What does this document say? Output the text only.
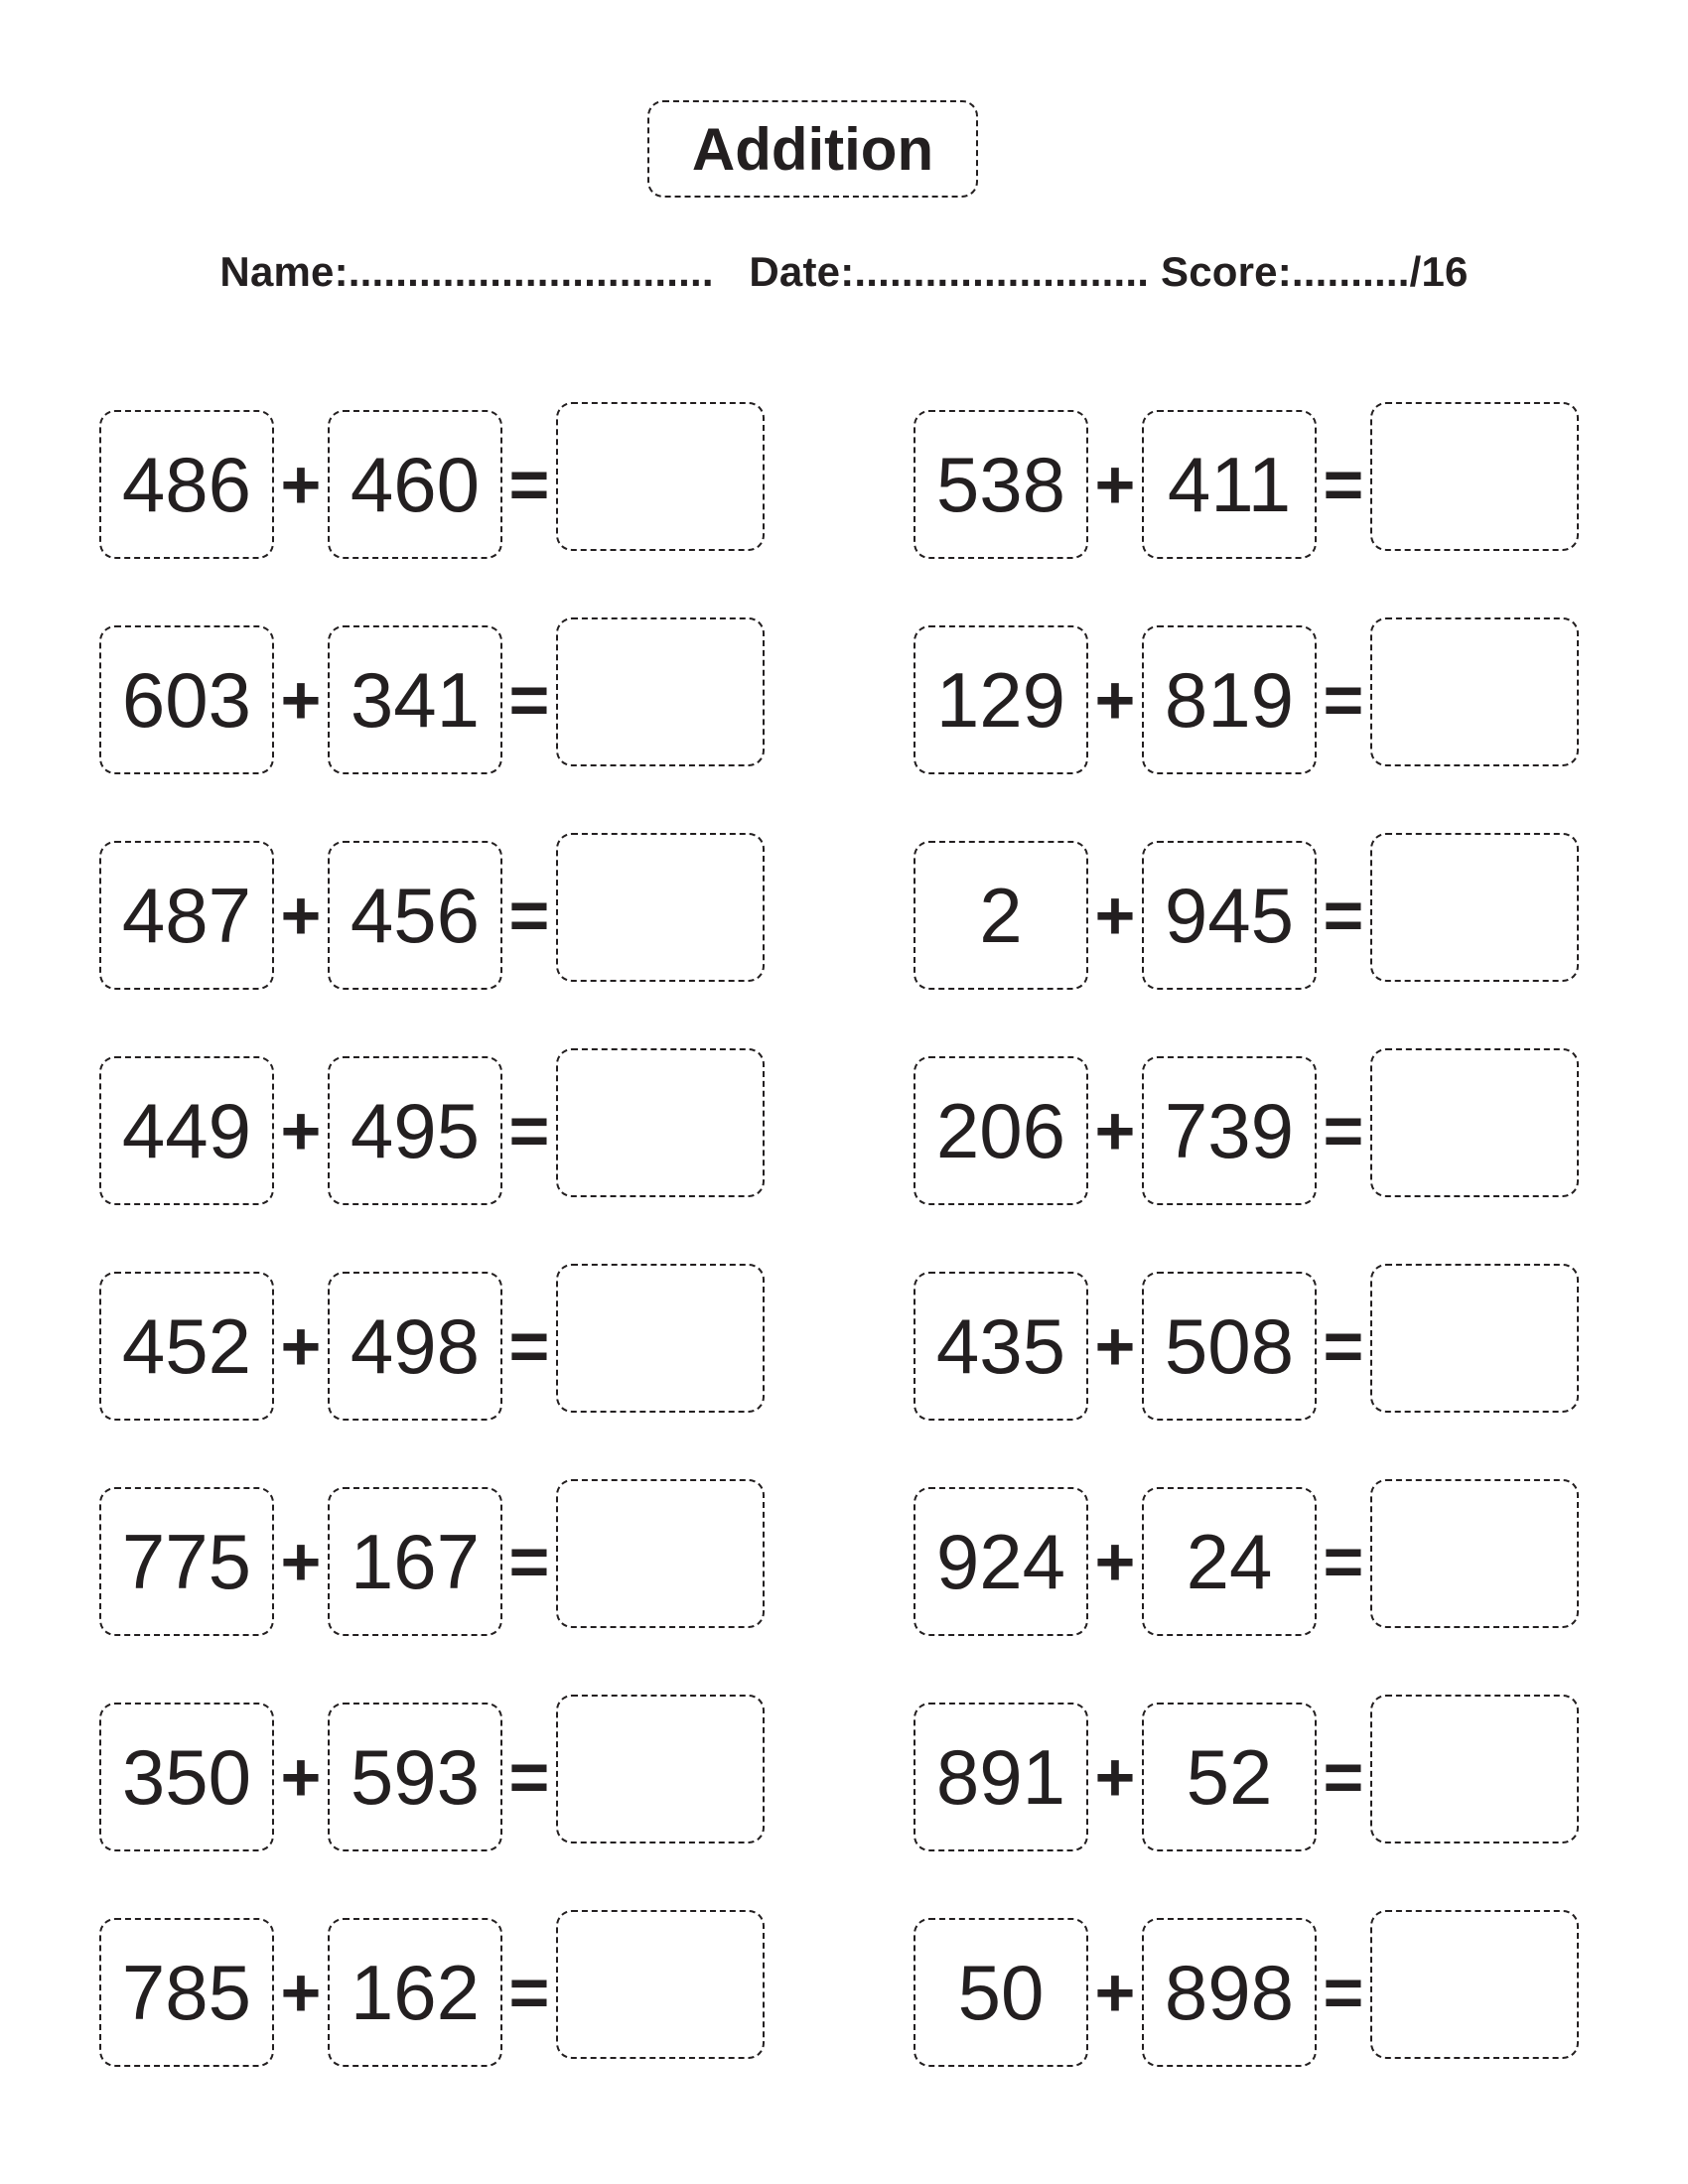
Addition
Name:............................... Date:......................... Score:........../16
486 + 460 =	538 + 411 =
603 + 341 =	129 + 819 =
487 + 456 =	2	+ 945 =
449 + 495 =	206 + 739 =
452 + 498 =	435 + 508 =
775 + 167 =	924 + 24 =
350 + 593 =	891 + 52 =
785 + 162 =	50 + 898 =
